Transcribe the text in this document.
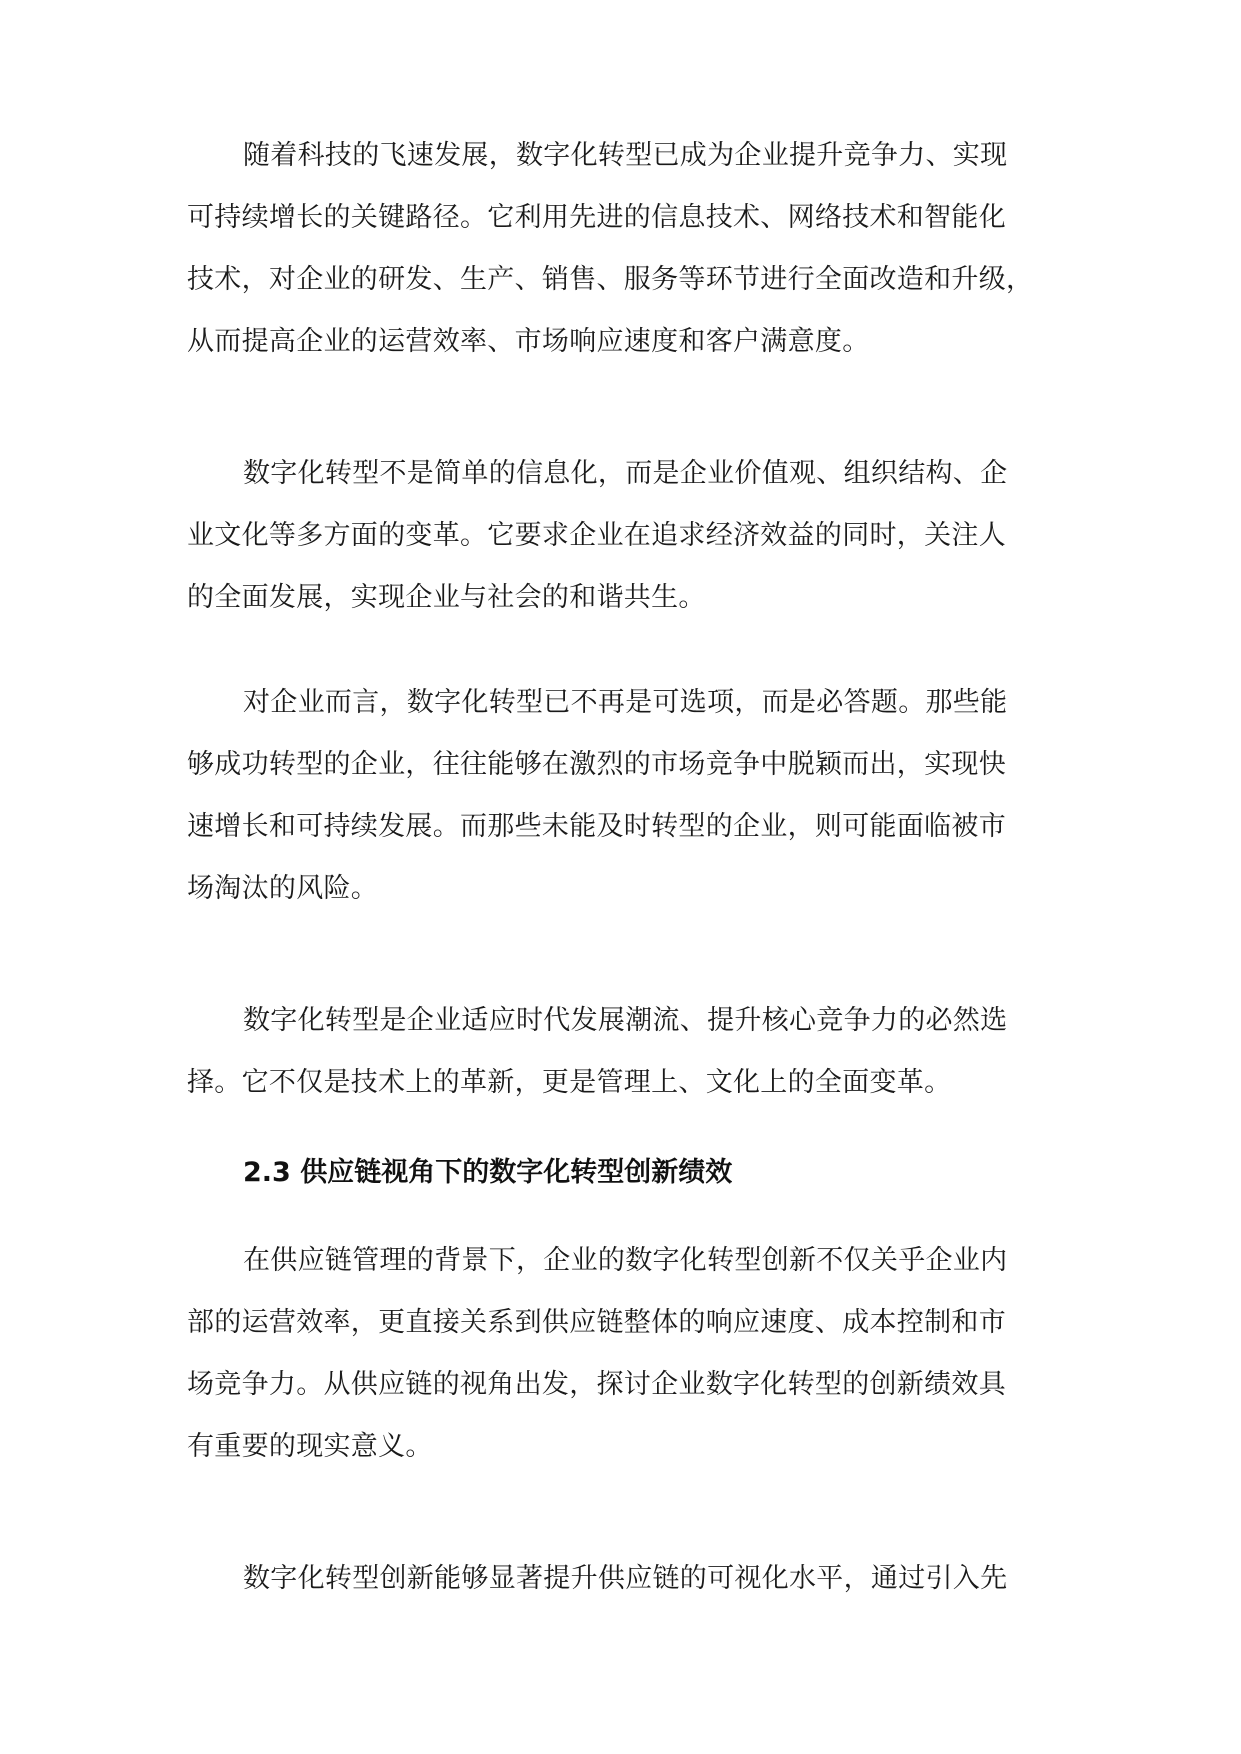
随着科技的飞速发展，数字化转型已成为企业提升竞争力、实现
可持续增长的关键路径。它利用先进的信息技术、网络技术和智能化
技术，对企业的研发、生产、销售、服务等环节进行全面改造和升级，
从而提高企业的运营效率、市场响应速度和客户满意度。
数字化转型不是简单的信息化，而是企业价值观、组织结构、企
业文化等多方面的变革。它要求企业在追求经济效益的同时，关注人
的全面发展，实现企业与社会的和谐共生。
对企业而言，数字化转型已不再是可选项，而是必答题。那些能
够成功转型的企业，往往能够在激烈的市场竞争中脱颖而出，实现快
速增长和可持续发展。而那些未能及时转型的企业，则可能面临被市
场淘汰的风险。
数字化转型是企业适应时代发展潮流、提升核心竞争力的必然选
择。它不仅是技术上的革新，更是管理上、文化上的全面变革。
2.3 供应链视角下的数字化转型创新绩效
在供应链管理的背景下，企业的数字化转型创新不仅关乎企业内
部的运营效率，更直接关系到供应链整体的响应速度、成本控制和市
场竞争力。从供应链的视角出发，探讨企业数字化转型的创新绩效具
有重要的现实意义。
数字化转型创新能够显著提升供应链的可视化水平，通过引入先
